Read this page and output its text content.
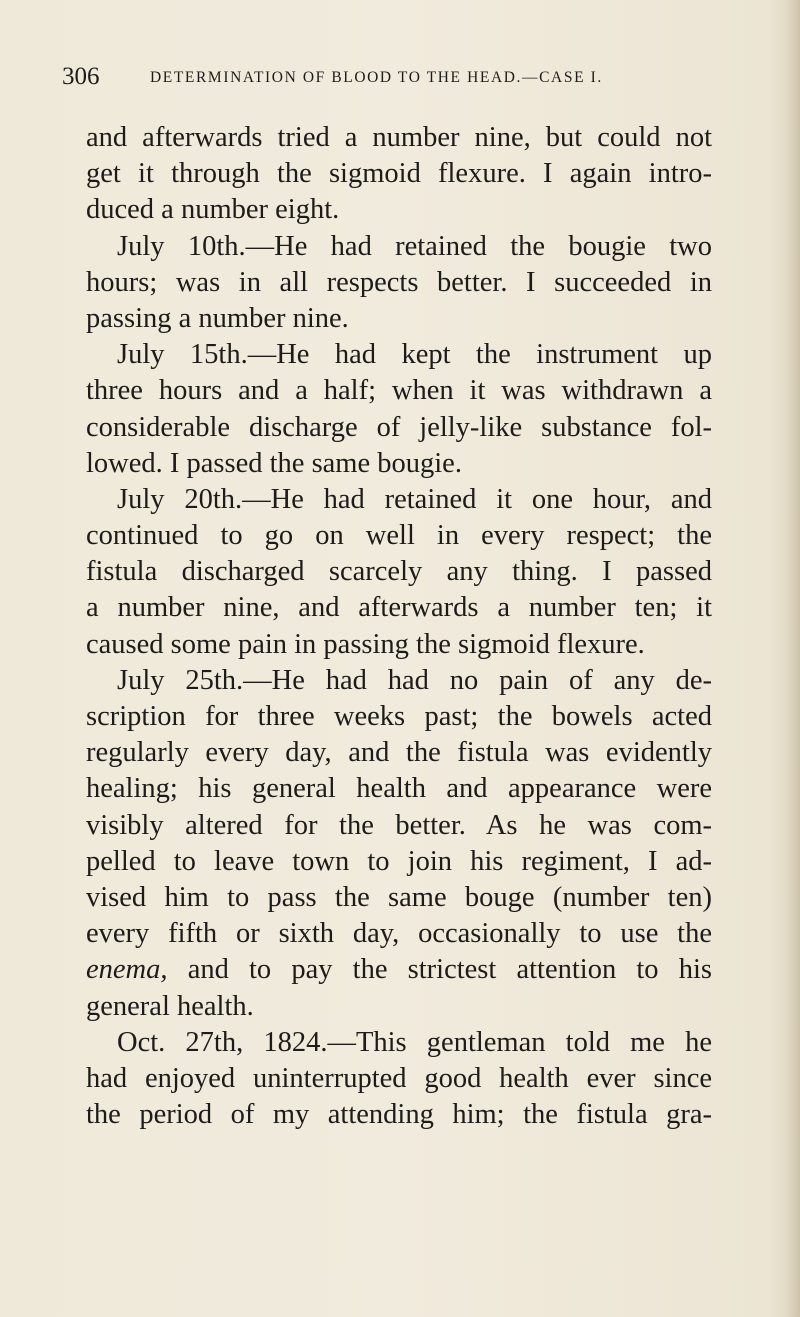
306	DETERMINATION OF BLOOD TO THE HEAD.—CASE I.
and afterwards tried a number nine, but could not
get it through the sigmoid flexure. I again intro-
duced a number eight.
July 10th.—He had retained the bougie two
hours; was in all respects better. I succeeded in
passing a number nine.
July 15th.—He had kept the instrument up
three hours and a half; when it was withdrawn a
considerable discharge of jelly-like substance fol-
lowed. I passed the same bougie.
July 20th.—He had retained it one hour, and
continued to go on well in every respect; the
fistula discharged scarcely any thing. I passed
a number nine, and afterwards a number ten; it
caused some pain in passing the sigmoid flexure.
July 25th.—He had had no pain of any de-
scription for three weeks past; the bowels acted
regularly every day, and the fistula was evidently
healing; his general health and appearance were
visibly altered for the better. As he was com-
pelled to leave town to join his regiment, I ad-
vised him to pass the same bouge (number ten)
every fifth or sixth day, occasionally to use the
enema, and to pay the strictest attention to his
general health.
Oct. 27th, 1824.—This gentleman told me he
had enjoyed uninterrupted good health ever since
the period of my attending him; the fistula gra-
